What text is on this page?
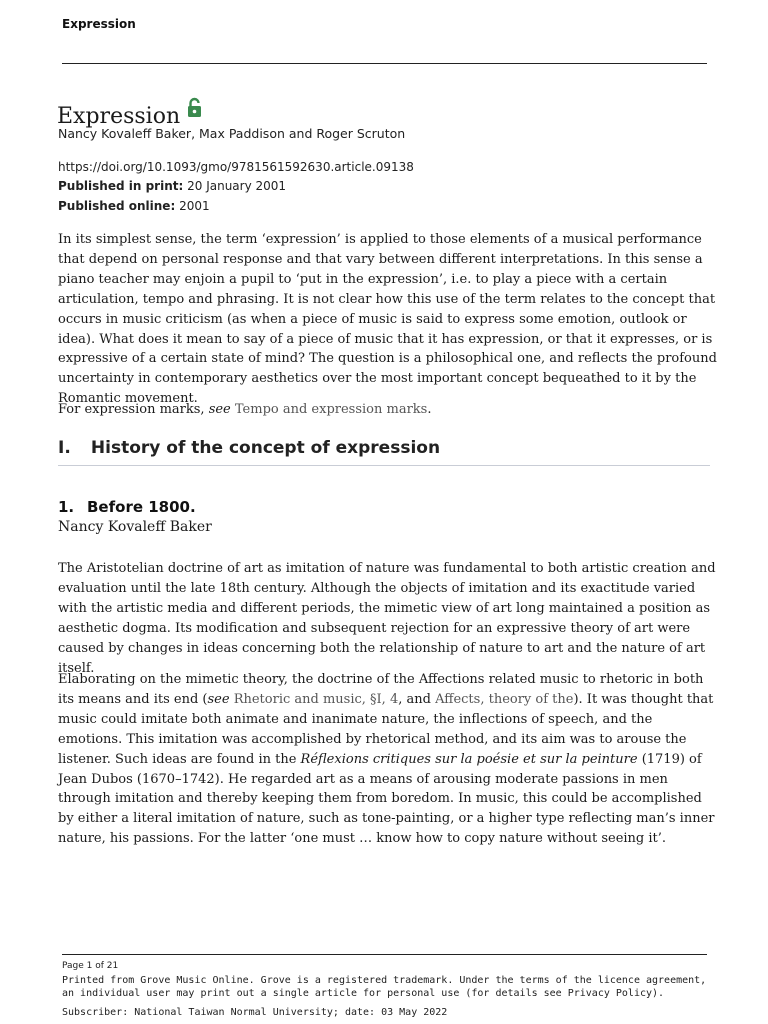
Expression
Expression
Nancy Kovaleff Baker, Max Paddison and Roger Scruton
https://doi.org/10.1093/gmo/9781561592630.article.09138
Published in print: 20 January 2001
Published online: 2001

In its simplest sense, the term ‘expression’ is applied to those elements of a musical performance that depend on personal response and that vary between different interpretations. In this sense a piano teacher may enjoin a pupil to ‘put in the expression’, i.e. to play a piece with a certain articulation, tempo and phrasing. It is not clear how this use of the term relates to the concept that occurs in music criticism (as when a piece of music is said to express some emotion, outlook or idea). What does it mean to say of a piece of music that it has expression, or that it expresses, or is expressive of a certain state of mind? The question is a philosophical one, and reflects the profound uncertainty in contemporary aesthetics over the most important concept bequeathed to it by the Romantic movement.

For expression marks, see Tempo and expression marks.

I. History of the concept of expression
1. Before 1800.
Nancy Kovaleff Baker

The Aristotelian doctrine of art as imitation of nature was fundamental to both artistic creation and evaluation until the late 18th century. Although the objects of imitation and its exactitude varied with the artistic media and different periods, the mimetic view of art long maintained a position as aesthetic dogma. Its modification and subsequent rejection for an expressive theory of art were caused by changes in ideas concerning both the relationship of nature to art and the nature of art itself.

Elaborating on the mimetic theory, the doctrine of the Affections related music to rhetoric in both its means and its end (see Rhetoric and music, §I, 4, and Affects, theory of the). It was thought that music could imitate both animate and inanimate nature, the inflections of speech, and the emotions. This imitation was accomplished by rhetorical method, and its aim was to arouse the listener. Such ideas are found in the Réflexions critiques sur la poésie et sur la peinture (1719) of Jean Dubos (1670–1742). He regarded art as a means of arousing moderate passions in men through imitation and thereby keeping them from boredom. In music, this could be accomplished by either a literal imitation of nature, such as tone-painting, or a higher type reflecting man’s inner nature, his passions. For the latter ‘one must … know how to copy nature without seeing it’.

Page 1 of 21
Printed from Grove Music Online. Grove is a registered trademark. Under the terms of the licence agreement, an individual user may print out a single article for personal use (for details see Privacy Policy).
Subscriber: National Taiwan Normal University; date: 03 May 2022
